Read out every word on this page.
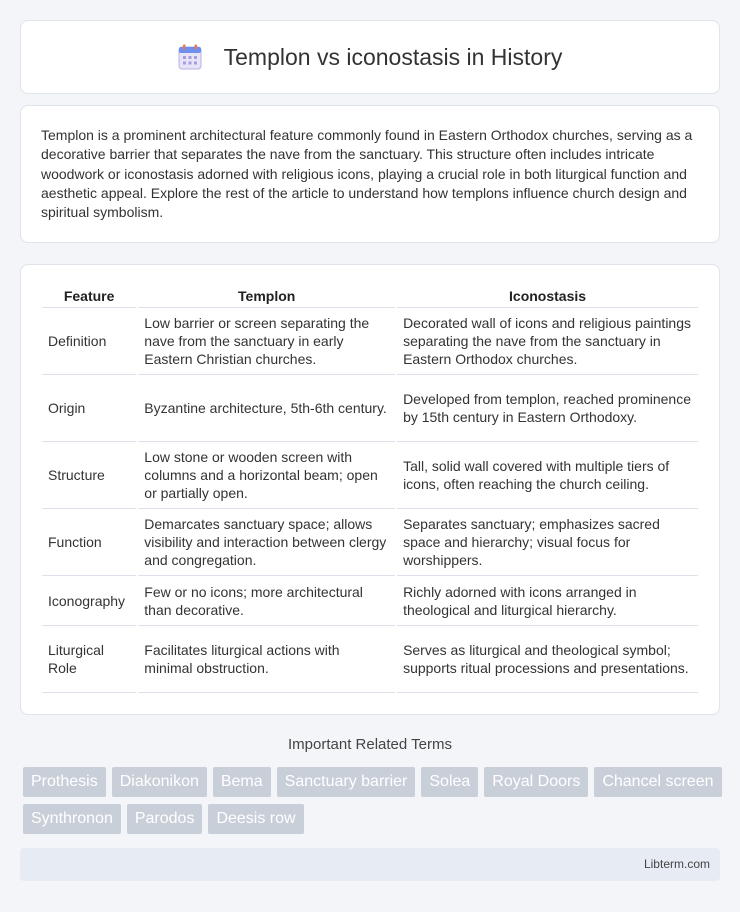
Templon vs iconostasis in History

Templon is a prominent architectural feature commonly found in Eastern Orthodox churches, serving as a decorative barrier that separates the nave from the sanctuary. This structure often includes intricate woodwork or iconostasis adorned with religious icons, playing a crucial role in both liturgical function and aesthetic appeal. Explore the rest of the article to understand how templons influence church design and spiritual symbolism.

Feature		Templon		Iconostasis
Definition		Low barrier or screen separating the nave from the sanctuary in early Eastern Christian churches.		Decorated wall of icons and religious paintings separating the nave from the sanctuary in Eastern Orthodox churches.
Origin		Byzantine architecture, 5th-6th century.		Developed from templon, reached prominence by 15th century in Eastern Orthodoxy.
Structure		Low stone or wooden screen with columns and a horizontal beam; open or partially open.		Tall, solid wall covered with multiple tiers of icons, often reaching the church ceiling.
Function		Demarcates sanctuary space; allows visibility and interaction between clergy and congregation.		Separates sanctuary; emphasizes sacred space and hierarchy; visual focus for worshippers.
Iconography		Few or no icons; more architectural than decorative.		Richly adorned with icons arranged in theological and liturgical hierarchy.
Liturgical Role		Facilitates liturgical actions with minimal obstruction.		Serves as liturgical and theological symbol; supports ritual processions and presentations.
Important Related Terms
Prothesis	Diakonikon	Bema	Sanctuary barrier	Solea	Royal Doors	Chancel screen
Synthronon	Parodos	Deesis row
Libterm.com
